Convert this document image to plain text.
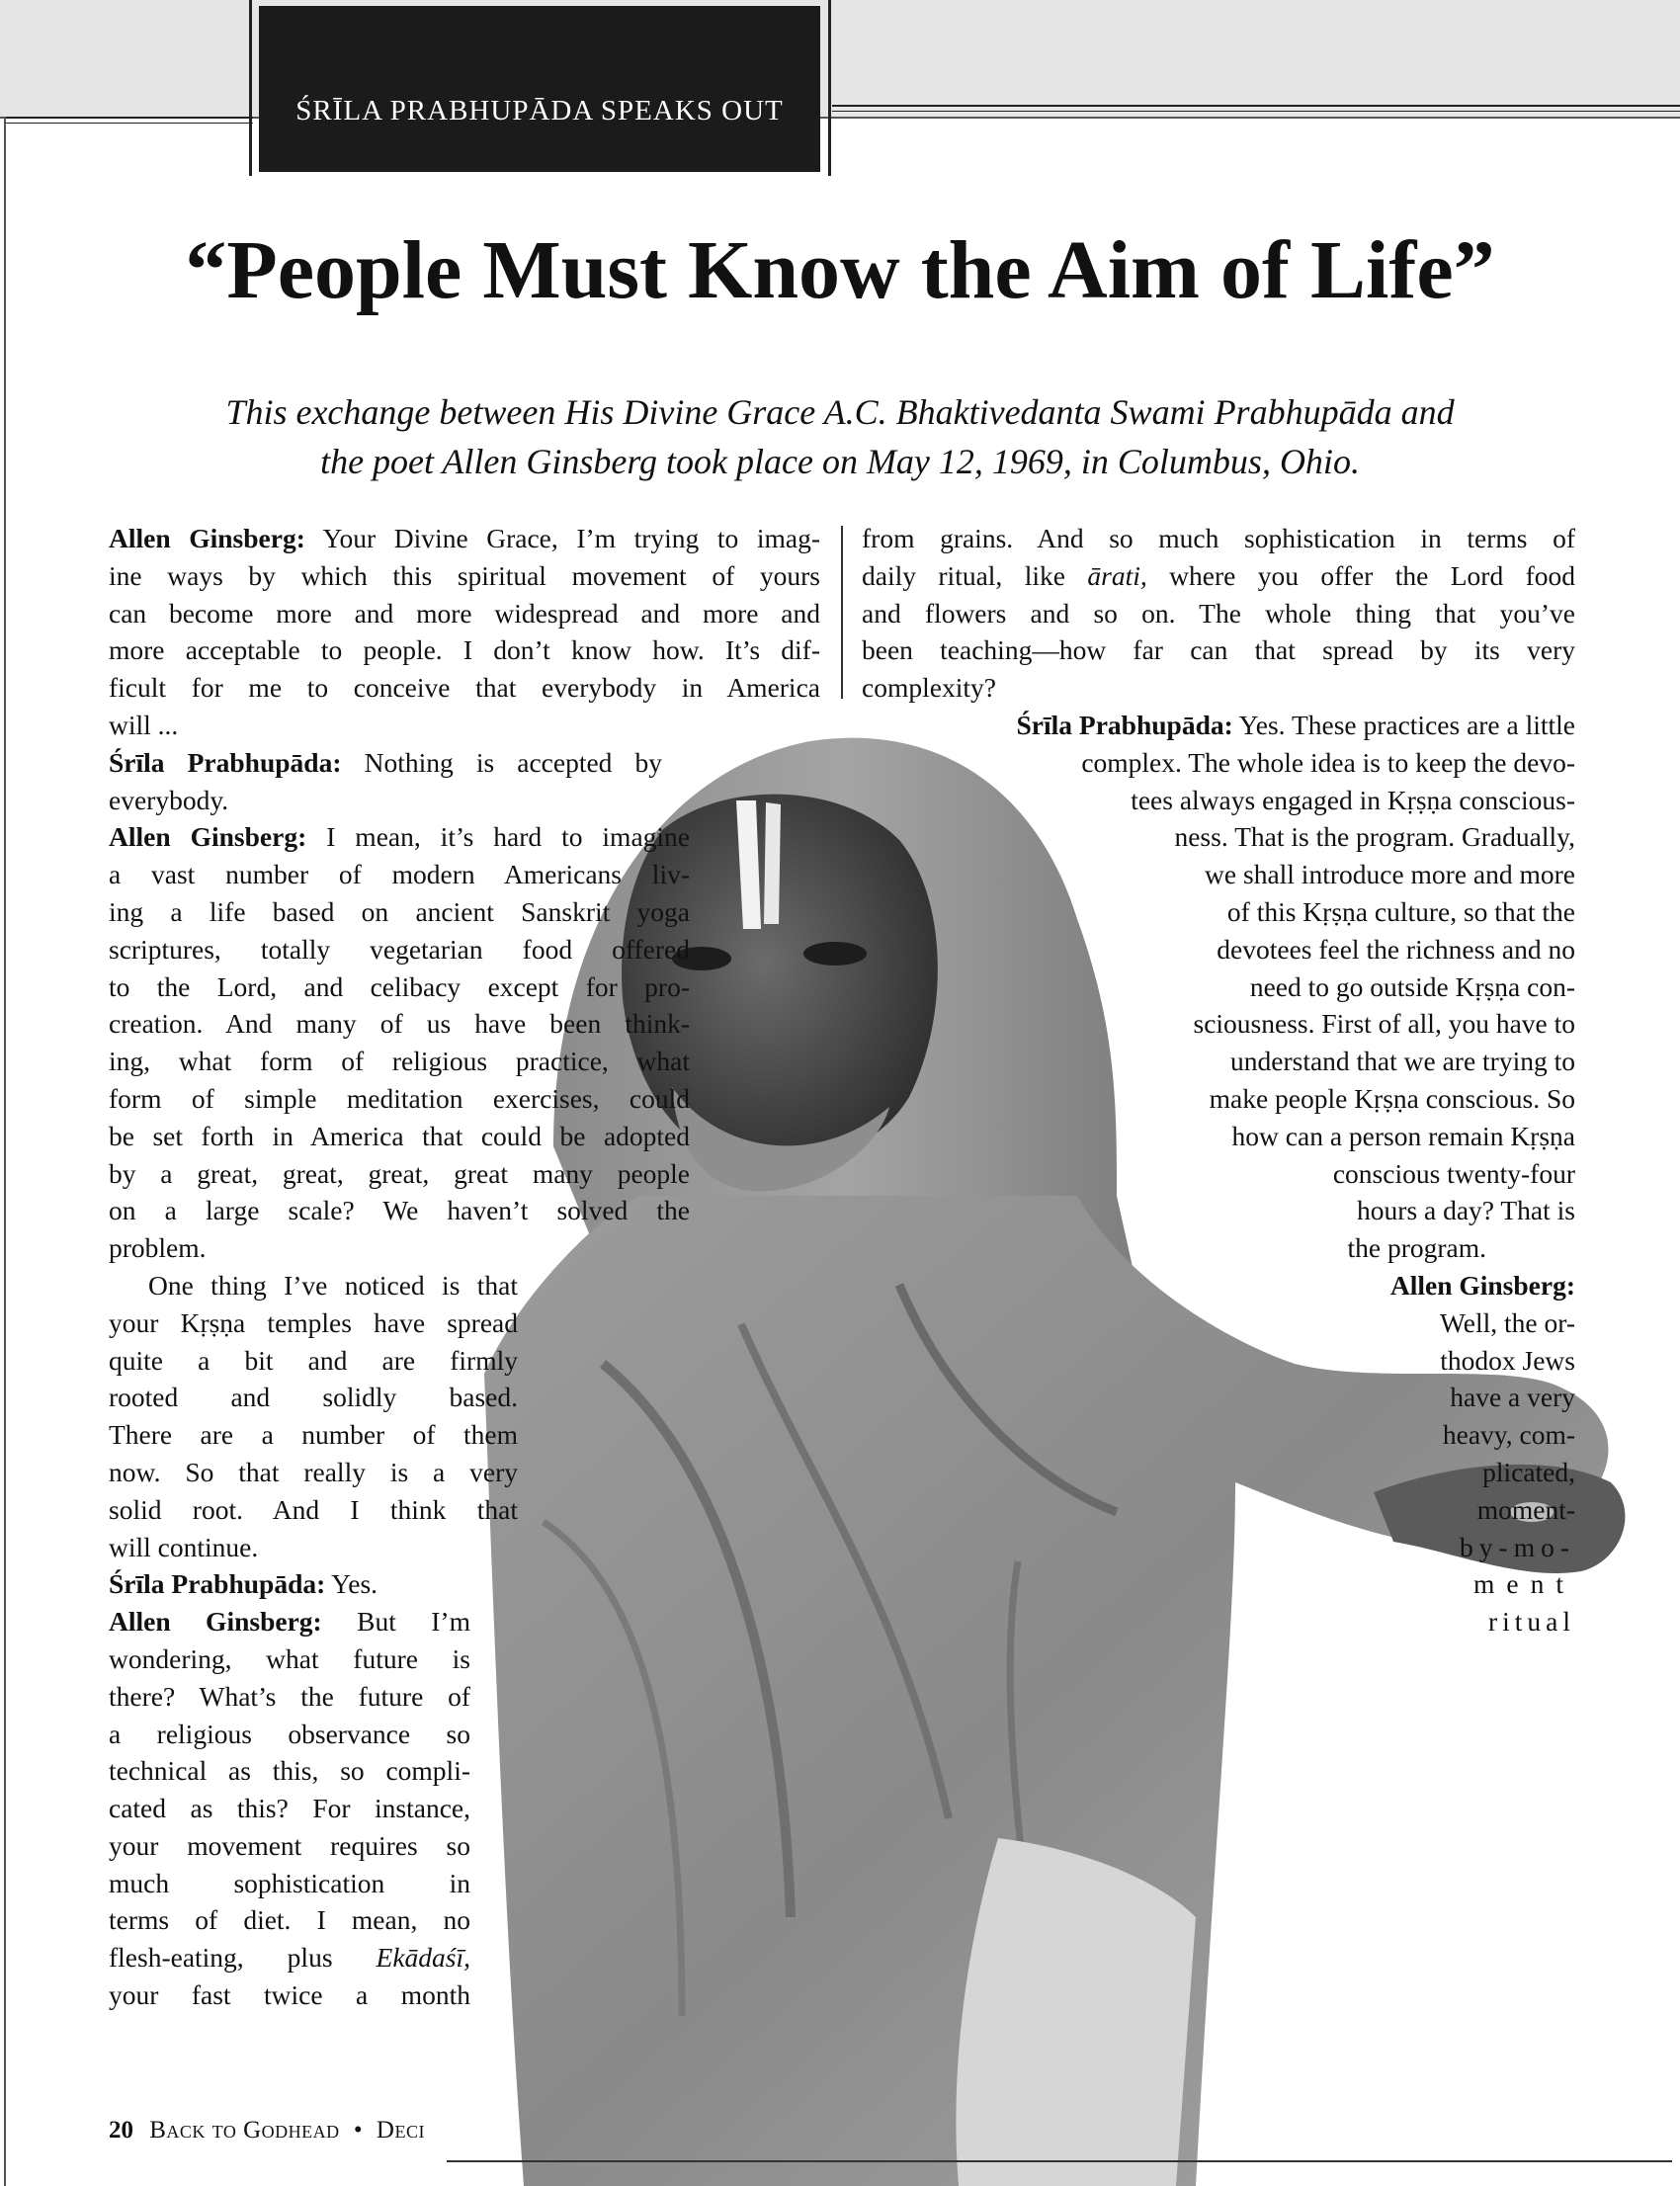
ŚRĪLA PRABHUPĀDA SPEAKS OUT
“People Must Know the Aim of Life”
This exchange between His Divine Grace A.C. Bhaktivedanta Swami Prabhupāda and
the poet Allen Ginsberg took place on May 12, 1969, in Columbus, Ohio.

Allen Ginsberg: Your Divine Grace, I’m trying to imag-
ine ways by which this spiritual movement of yours
can become more and more widespread and more and
more acceptable to people. I don’t know how. It’s dif-
ficult for me to conceive that everybody in America
will ...

Śrīla Prabhupāda: Nothing is accepted by
everybody.

Allen Ginsberg: I mean, it’s hard to imagine
a vast number of modern Americans liv-
ing a life based on ancient Sanskrit yoga
scriptures, totally vegetarian food offered
to the Lord, and celibacy except for pro-
creation. And many of us have been think-
ing, what form of religious practice, what
form of simple meditation exercises, could
be set forth in America that could be adopted
by a great, great, great, great many people
on a large scale? We haven’t solved the
problem.

One thing I’ve noticed is that
your Kṛṣṇa temples have spread
quite a bit and are firmly
rooted and solidly based.
There are a number of them
now. So that really is a very
solid root. And I think that
will continue.

Śrīla Prabhupāda: Yes.

Allen Ginsberg: But I’m
wondering, what future is
there? What’s the future of
a religious observance so
technical as this, so compli-
cated as this? For instance,
your movement requires so
much sophistication in
terms of diet. I mean, no
flesh-eating, plus Ekādaśī,
your fast twice a month

from grains. And so much sophistication in terms of
daily ritual, like ārati, where you offer the Lord food
and flowers and so on. The whole thing that you’ve
been teaching—how far can that spread by its very
complexity?

Śrīla Prabhupāda: Yes. These practices are a little
complex. The whole idea is to keep the devo-
tees always engaged in Kṛṣṇa conscious-
ness. That is the program. Gradually,
we shall introduce more and more
of this Kṛṣṇa culture, so that the
devotees feel the richness and no
need to go outside Kṛṣṇa con-
sciousness. First of all, you have to
understand that we are trying to
make people Kṛṣṇa conscious. So
how can a person remain Kṛṣṇa
conscious twenty-four
hours a day? That is
the program.
Allen Ginsberg:
Well, the or-
thodox Jews
have a very
heavy, com-
plicated,
moment-
by-mo-
ment
ritual
20 Back to Godhead • Deci
